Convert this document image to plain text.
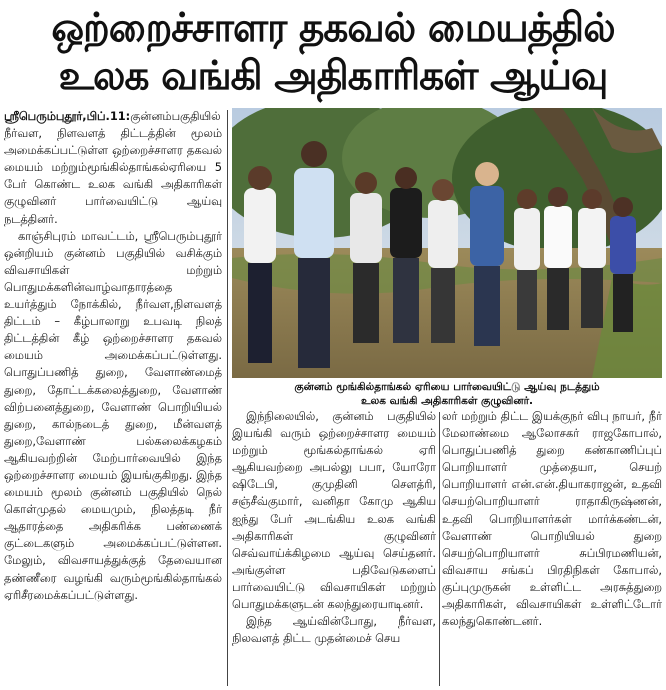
ஒற்றைச்சாளர தகவல் மையத்தில்
உலக வங்கி அதிகாரிகள் ஆய்வு

ஸ்ரீபெரும்புதூர்,பிப்.11:குன்னம்பகுதியில் நீர்வள, நிளவளத் திட்டத்தின் மூலம் அமைக்கப்பட்டுள்ள ஒற்றைச்சாளர தகவல் மையம் மற்றும்மூங்கில்தாங்கல்ஏரியை 5 பேர் கொண்ட உலக வங்கி அதிகாரிகள் குழுவினர் பார்வையிட்டு ஆய்வு நடத்தினர்.

காஞ்சிபுரம் மாவட்டம், ஸ்ரீபெரும்புதூர் ஒன்றியம் குன்னம் பகுதியில் வசிக்கும் விவசாயிகள் மற்றும் பொதுமக்களின்வாழ்வாதாரத்தை உயர்த்தும் நோக்கில், நீர்வள,நிளவளத் திட்டம் – கீழ்பாலாறு உபவடி நிலத் திட்டத்தின் கீழ் ஒற்றைச்சாளர தகவல் மையம் அமைக்கப்பட்டுள்ளது. பொதுப்பணித் துறை, வேளாண்மைத் துறை, தோட்டக்கலைத்துறை, வேளாண் விற்பனைத்துறை, வேளாண் பொறியியல் துறை, கால்நடைத் துறை, மீன்வளத் துறை,வேளாண் பல்கலைக்கழகம் ஆகியவற்றின் மேற்பார்வையில் இந்த ஒற்றைச்சாளர மையம் இயங்குகிறது. இந்த மையம் மூலம் குன்னம் பகுதியில் நெல் கொள்முதல் மையமும், நிலத்தடி நீர் ஆதாரத்தை அதிகரிக்க பண்ணைக் குட்டைகளும் அமைக்கப்பட்டுள்ளன. மேலும், விவசாயத்துக்குத் தேவையான தண்ணீரை வழங்கி வரும்மூங்கில்தாங்கல் ஏரிசீரமைக்கப்பட்டுள்ளது.

குன்னம் மூங்கில்தாங்கல் ஏரியை பார்வையிட்டு ஆய்வு நடத்தும்
உலக வங்கி அதிகாரிகள் குழுவினர்.

இந்நிலையில், குன்னம் பகுதியில் இயங்கி வரும் ஒற்றைச்சாளர மையம் மற்றும் மூங்கல்தாங்கல் ஏரி ஆகியவற்றை அபல்லு பபா, யோரோ ஷிடேபி, குமுதினி சௌத்ரி, சஞ்சீவ்குமார், வனிதா கோமு ஆகிய ஐந்து பேர் அடங்கிய உலக வங்கி அதிகாரிகள் குழுவினர் செவ்வாய்க்கிழமை ஆய்வு செய்தனர். அங்குள்ள பதிவேடுகளைப் பார்வையிட்டு விவசாயிகள் மற்றும் பொதுமக்களுடன் கலந்துரையாடினர்.

இந்த ஆய்வின்போது, நீர்வள, நிலவளத் திட்ட முதன்மைச் செய

லர் மற்றும் திட்ட இயக்குநர் விபு நாயர், நீர் மேலாண்மை ஆலோசகர் ராஜகோபால், பொதுப்பணித் துறை கண்காணிப்புப் பொறியாளர் முத்தையா, செயற் பொறியாளர் என்.என்.தியாகராஜன், உதவி செயற்பொறியாளர் ராதாகிருஷ்ணன், உதவி பொறியாளர்கள் மார்க்கண்டன், வேளாண் பொறியியல் துறை செயற்பொறியாளர் சுப்பிரமணியன், விவசாய சங்கப் பிரதிநிகள் கோபால், குப்புமுருகன் உள்ளிட்ட அரசுத்துறை அதிகாரிகள், விவசாயிகள் உள்ளிட்டோர் கலந்துகொண்டனர்.
